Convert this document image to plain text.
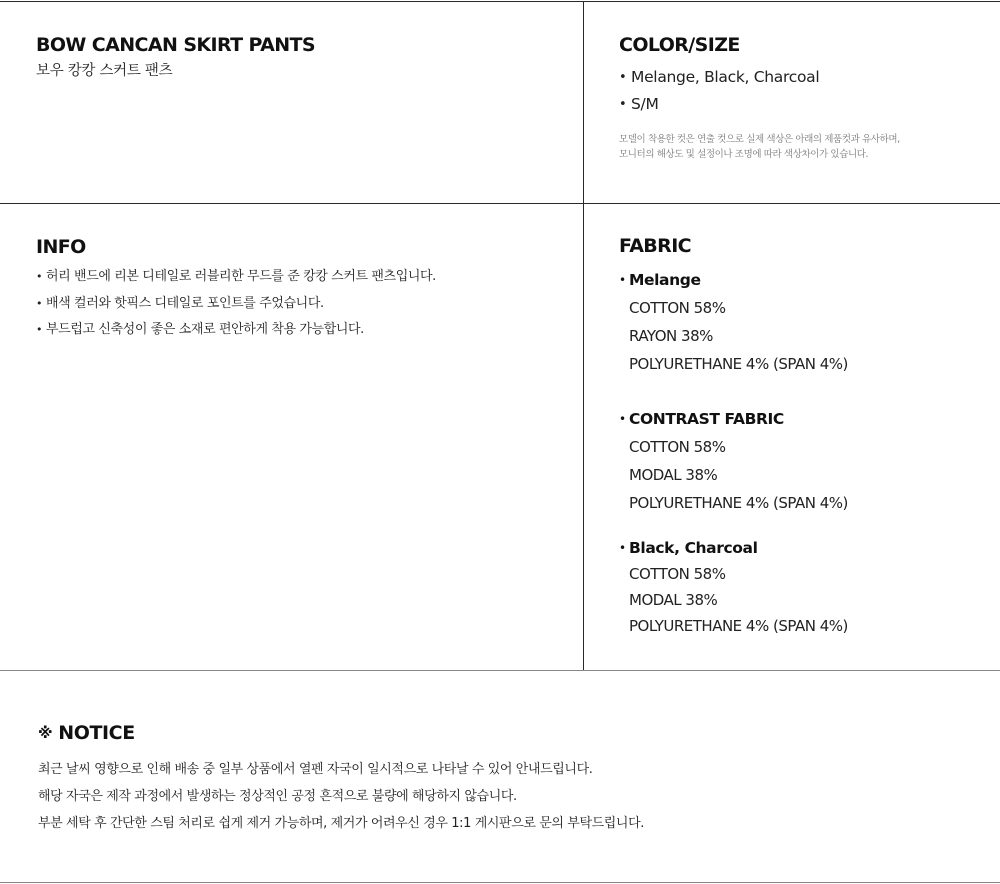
BOW CANCAN SKIRT PANTS
보우 캉캉 스커트 팬츠
COLOR/SIZE
• Melange, Black, Charcoal
• S/M
모델이 착용한 컷은 연출 컷으로 실제 색상은 아래의 제품컷과 유사하며,
모니터의 해상도 및 설정이나 조명에 따라 색상차이가 있습니다.
INFO
• 허리 밴드에 리본 디테일로 러블리한 무드를 준 캉캉 스커트 팬츠입니다.
• 배색 컬러와 핫픽스 디테일로 포인트를 주었습니다.
• 부드럽고 신축성이 좋은 소재로 편안하게 착용 가능합니다.
FABRIC
• Melange
COTTON 58%
RAYON 38%
POLYURETHANE 4% (SPAN 4%)
• CONTRAST FABRIC
COTTON 58%
MODAL 38%
POLYURETHANE 4% (SPAN 4%)
• Black, Charcoal
COTTON 58%
MODAL 38%
POLYURETHANE 4% (SPAN 4%)
※ NOTICE
최근 날씨 영향으로 인해 배송 중 일부 상품에서 열펜 자국이 일시적으로 나타날 수 있어 안내드립니다.
해당 자국은 제작 과정에서 발생하는 정상적인 공정 흔적으로 불량에 해당하지 않습니다.
부분 세탁 후 간단한 스팀 처리로 쉽게 제거 가능하며, 제거가 어려우신 경우 1:1 게시판으로 문의 부탁드립니다.
